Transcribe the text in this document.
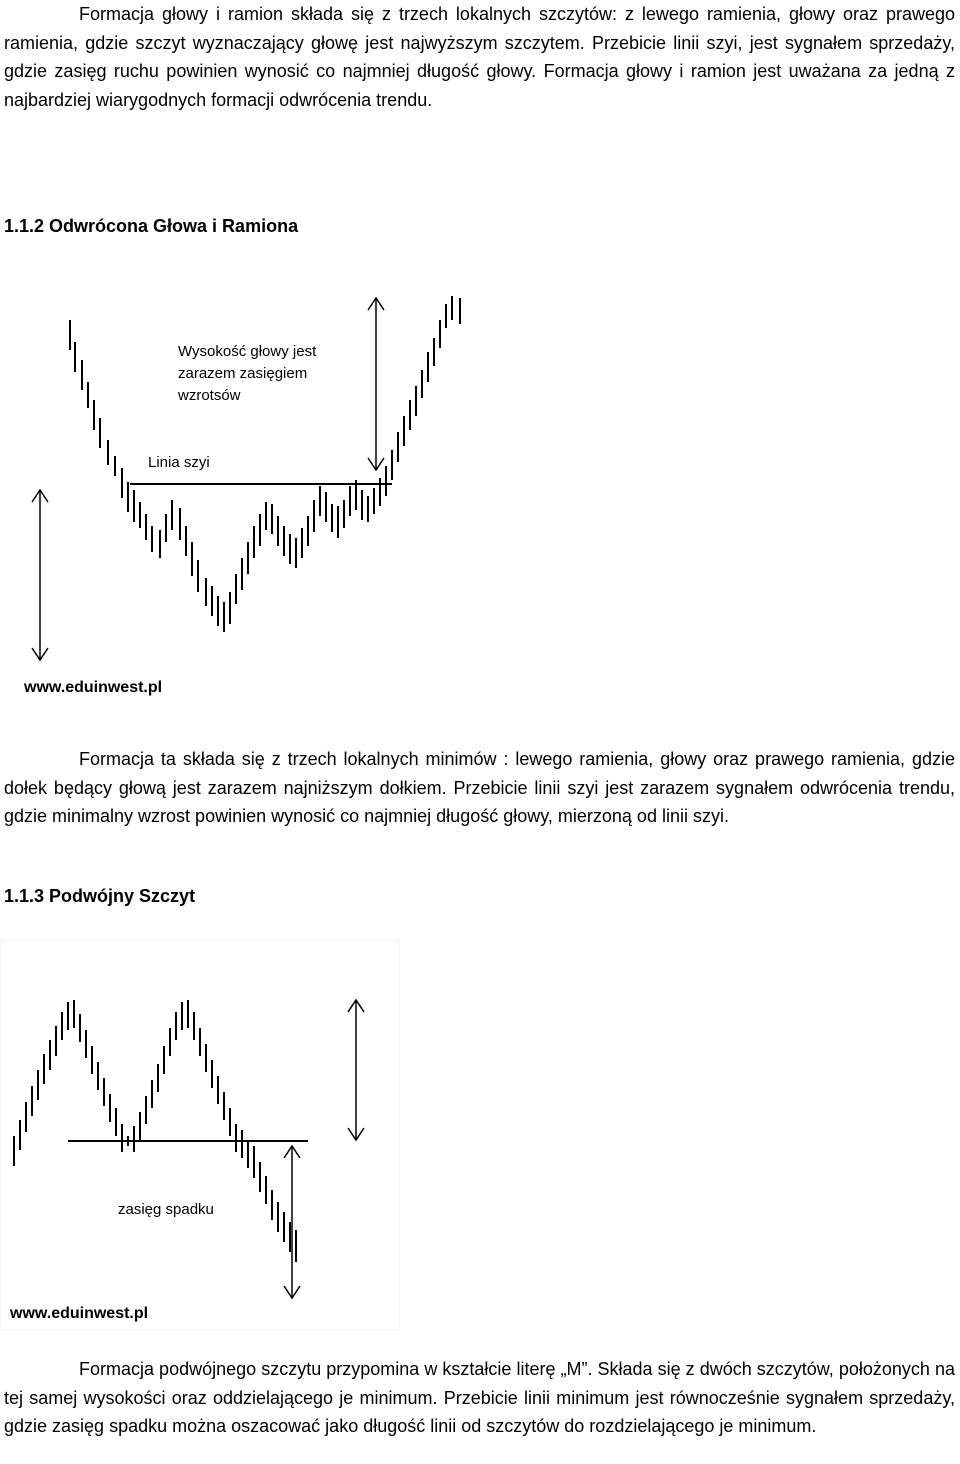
Formacja głowy i ramion składa się z trzech lokalnych szczytów: z lewego ramienia, głowy oraz prawego ramienia, gdzie szczyt wyznaczający głowę jest najwyższym szczytem. Przebicie linii szyi, jest sygnałem sprzedaży, gdzie zasięg ruchu powinien wynosić co najmniej długość głowy. Formacja głowy i ramion jest uważana za jedną z najbardziej wiarygodnych formacji odwrócenia trendu.

1.1.2 Odwrócona Głowa i Ramiona
Wysokość głowy jest
zarazem zasięgiem
wzrotsów
Linia szyi
www.eduinwest.pl

Formacja ta składa się z trzech lokalnych minimów : lewego ramienia, głowy oraz prawego ramienia, gdzie dołek będący głową jest zarazem najniższym dołkiem. Przebicie linii szyi jest zarazem sygnałem odwrócenia trendu, gdzie minimalny wzrost powinien wynosić co najmniej długość głowy, mierzoną od linii szyi.

1.1.3 Podwójny Szczyt
zasięg spadku
www.eduinwest.pl

Formacja podwójnego szczytu przypomina w kształcie literę „M”. Składa się z dwóch szczytów, położonych na tej samej wysokości oraz oddzielającego je minimum. Przebicie linii minimum jest równocześnie sygnałem sprzedaży, gdzie zasięg spadku można oszacować jako długość linii od szczytów do rozdzielającego je minimum.
